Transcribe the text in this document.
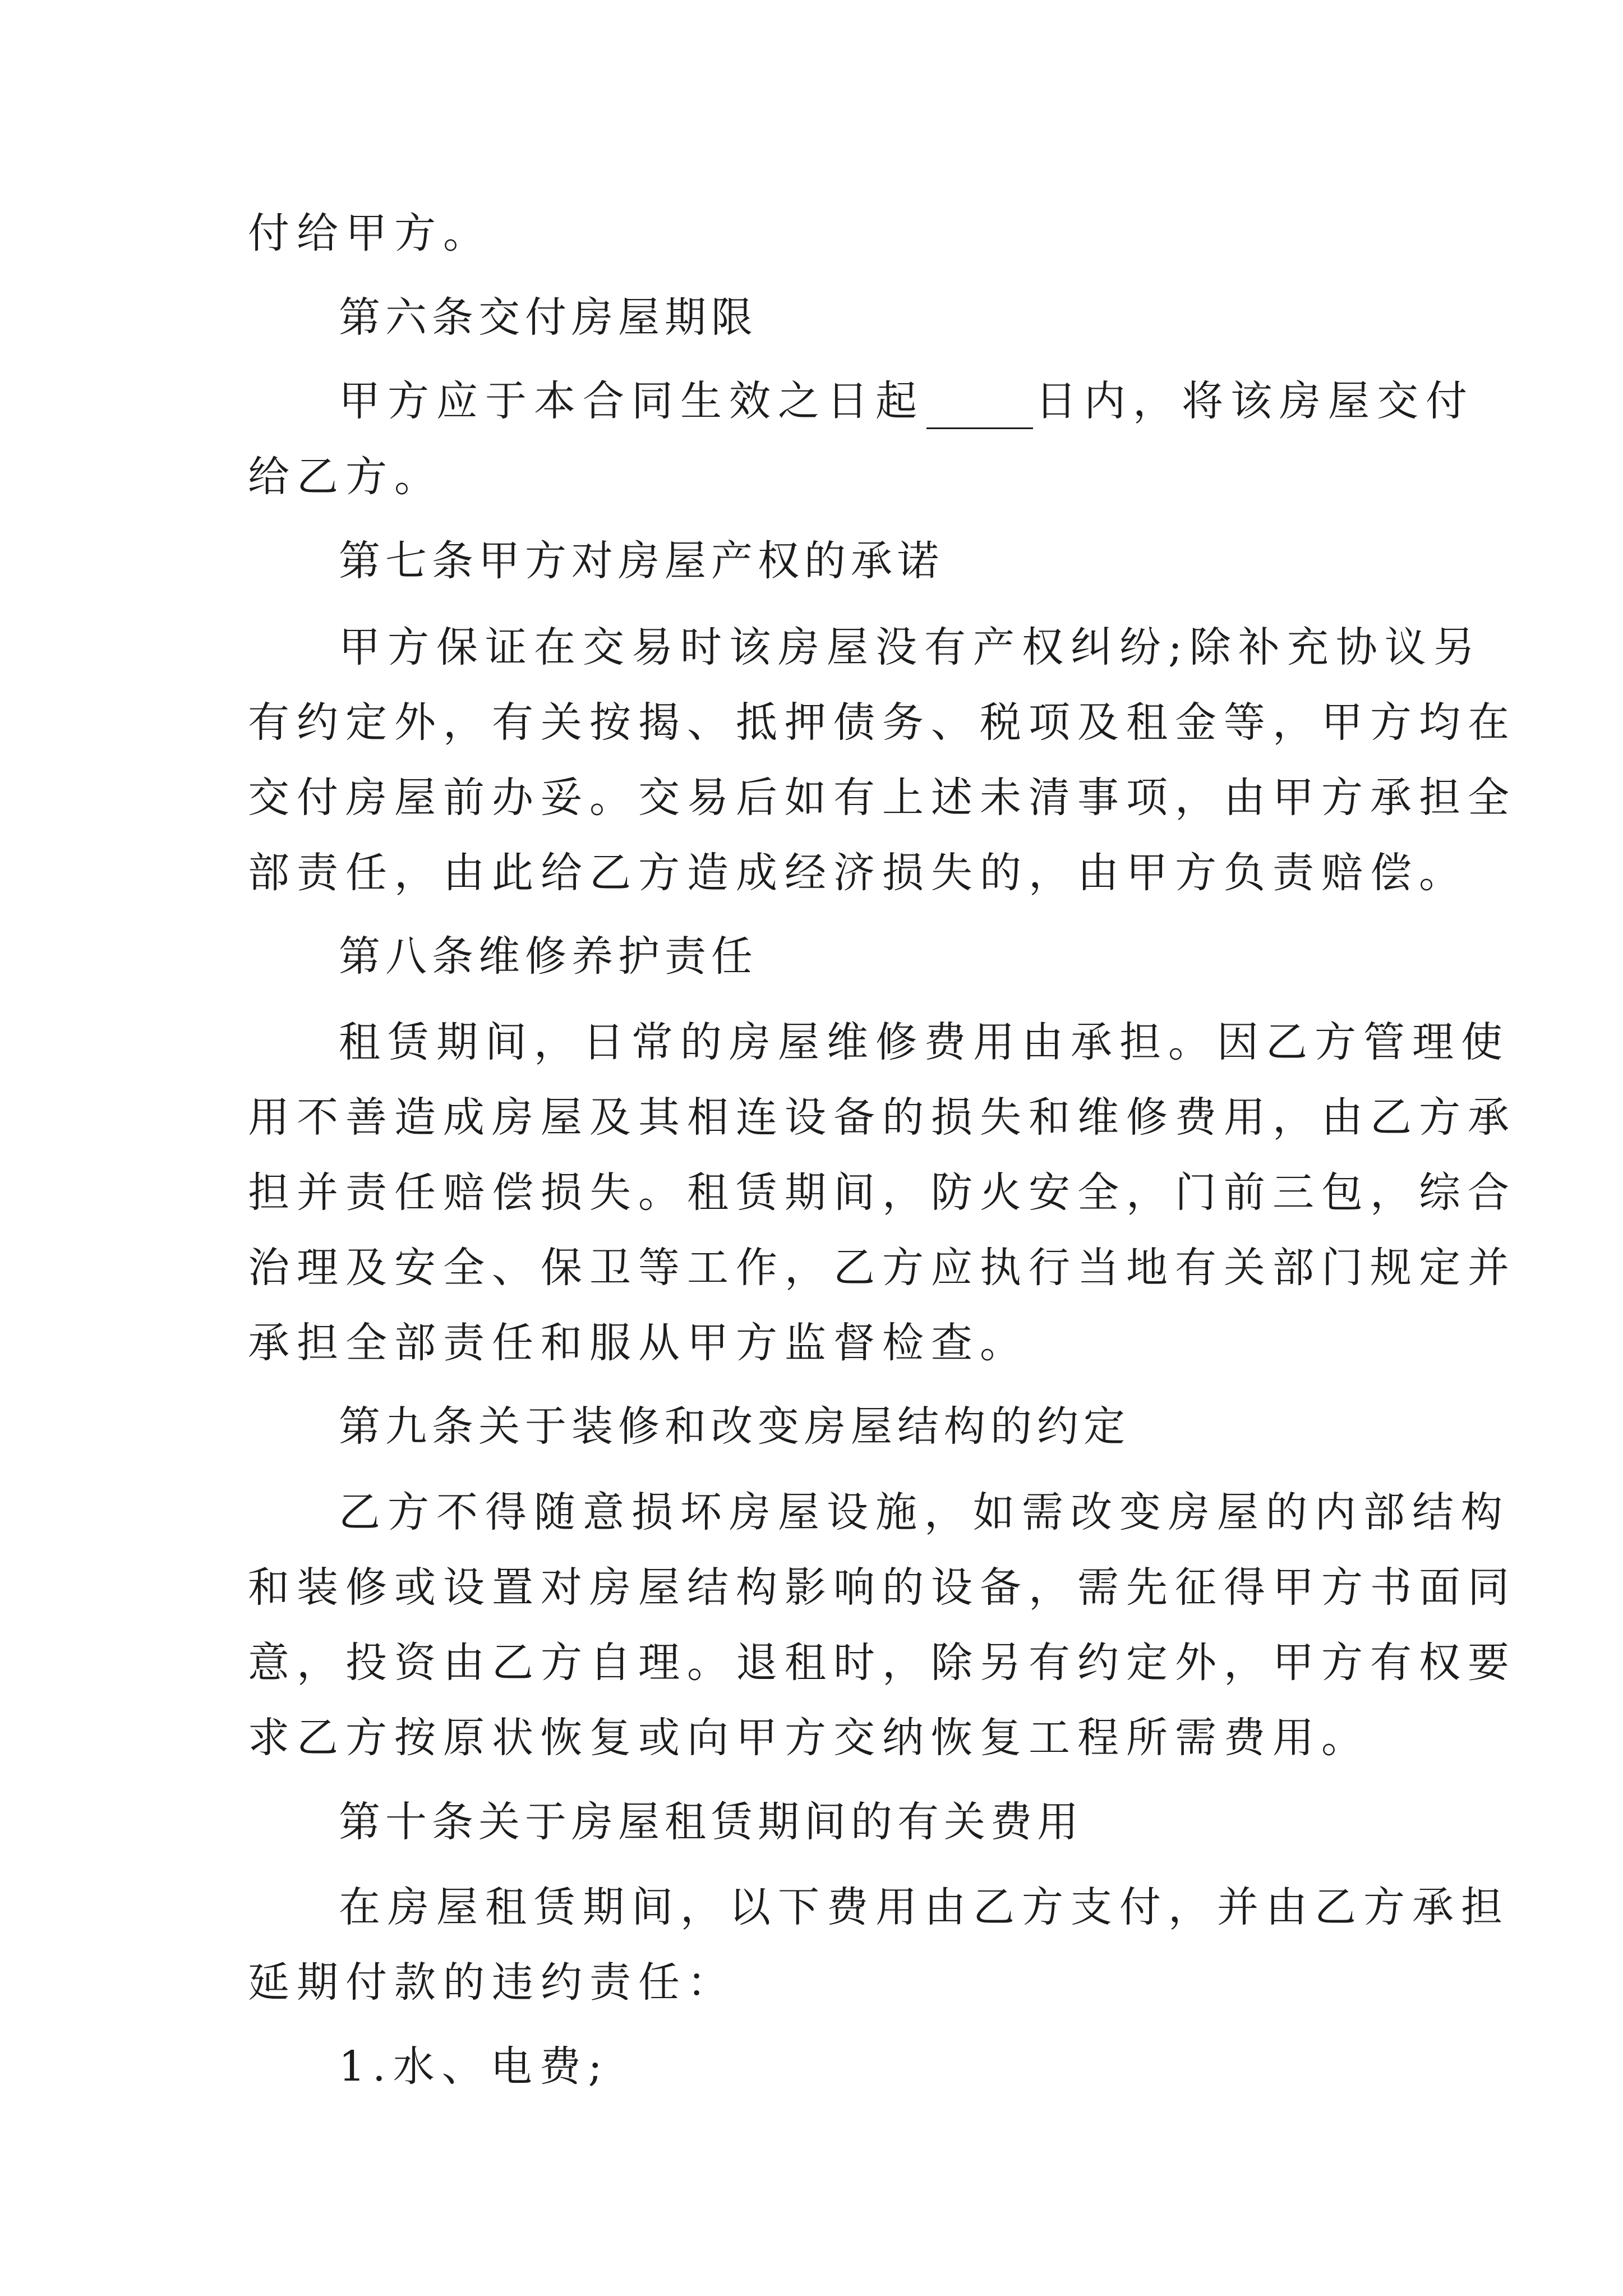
付给甲方。
第六条交付房屋期限
甲方应于本合同生效之日起	日内，将该房屋交付
给乙方。
第七条甲方对房屋产权的承诺
甲方保证在交易时该房屋没有产权纠纷;除补充协议另
有约定外，有关按揭、抵押债务、税项及租金等，甲方均在
交付房屋前办妥。交易后如有上述未清事项，由甲方承担全
部责任，由此给乙方造成经济损失的，由甲方负责赔偿。
第八条维修养护责任
租赁期间，日常的房屋维修费用由承担。因乙方管理使
用不善造成房屋及其相连设备的损失和维修费用，由乙方承
担并责任赔偿损失。租赁期间，防火安全，门前三包，综合
治理及安全、保卫等工作，乙方应执行当地有关部门规定并
承担全部责任和服从甲方监督检查。
第九条关于装修和改变房屋结构的约定
乙方不得随意损坏房屋设施，如需改变房屋的内部结构
和装修或设置对房屋结构影响的设备，需先征得甲方书面同
意，投资由乙方自理。退租时，除另有约定外，甲方有权要
求乙方按原状恢复或向甲方交纳恢复工程所需费用。
第十条关于房屋租赁期间的有关费用
在房屋租赁期间，以下费用由乙方支付，并由乙方承担
延期付款的违约责任：
1.水、电费;
